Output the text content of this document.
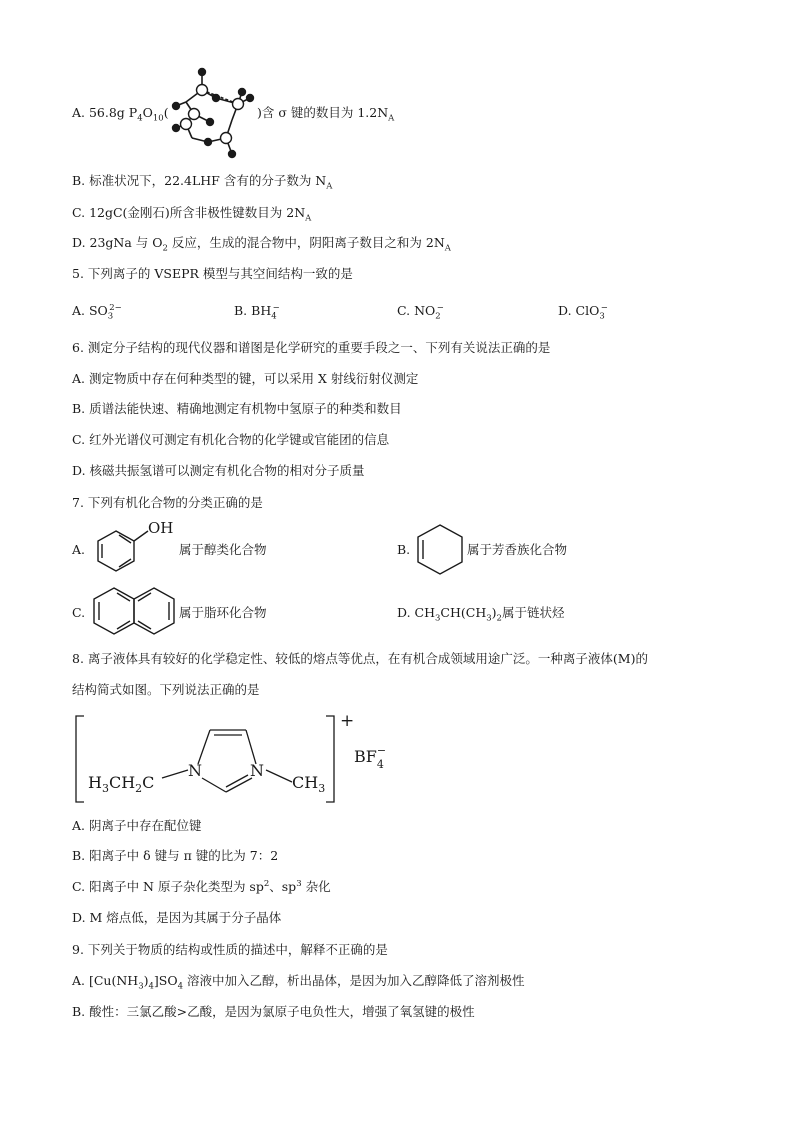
A. 56.8g $P_4O_{10}$(	)含 σ 键的数目为 $1.2N_A$
B. 标准状况下，22.4LHF 含有的分子数为 $N_A$
C. 12gC(金刚石)所含非极性键数目为 $2N_A$
D. 23gNa 与 $O_2$ 反应，生成的混合物中，阴阳离子数目之和为 $2N_A$
5. 下列离子的 VSEPR 模型与其空间结构一致的是
A. $SO_3^{2-}$	B. $BH_4^-$	C. $NO_2^-$	D. ClO$_3$−
6. 测定分子结构的现代仪器和谱图是化学研究的重要手段之一、下列有关说法正确的是
A. 测定物质中存在何种类型的键，可以采用 X 射线衍射仪测定
B. 质谱法能快速、精确地测定有机物中氢原子的种类和数目
C. 红外光谱仪可测定有机化合物的化学键或官能团的信息
D. 核磁共振氢谱可以测定有机化合物的相对分子质量
7. 下列有机化合物的分类正确的是
A.
OH
属于醇类化合物	B.	属于芳香族化合物
C.	属于脂环化合物	D. $CH_3CH(CH_3)_2$属于链状烃
8. 离子液体具有较好的化学稳定性、较低的熔点等优点，在有机合成领域用途广泛。一种离子液体(M)的
结构简式如图。下列说法正确的是
$H_3CH_2C$
N	N
$CH_3$
+
$BF_4-$
A. 阴离子中存在配位键
B. 阳离子中 δ 键与 π 键的比为 7：2
C. 阳离子中 N 原子杂化类型为 $sp^2$、$sp^3$ 杂化
D. M 熔点低，是因为其属于分子晶体
9. 下列关于物质的结构或性质的描述中，解释不正确的是
A. $[Cu(NH_3)_4]SO_4$ 溶液中加入乙醇，析出晶体，是因为加入乙醇降低了溶剂极性
B. 酸性：三氯乙酸>乙酸，是因为氯原子电负性大，增强了氧氢键的极性
